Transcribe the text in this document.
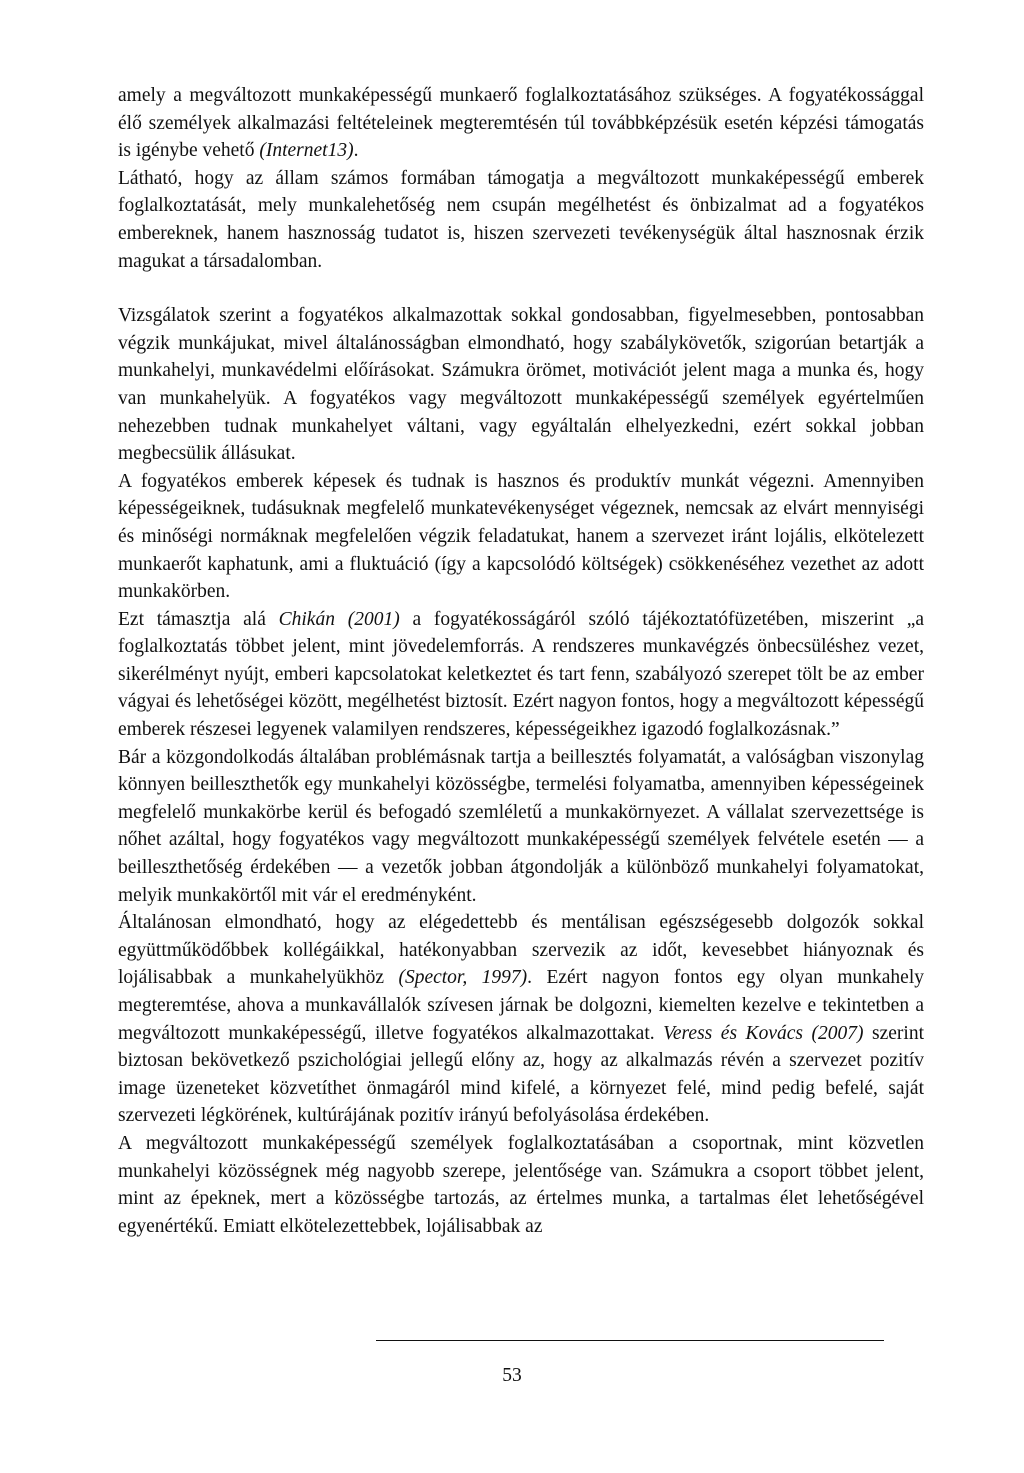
amely a megváltozott munkaképességű munkaerő foglalkoztatásához szükséges. A fogyatékossággal élő személyek alkalmazási feltételeinek megteremtésén túl továbbképzésük esetén képzési támogatás is igénybe vehető (Internet13).

Látható, hogy az állam számos formában támogatja a megváltozott munkaképességű emberek foglalkoztatását, mely munkalehetőség nem csupán megélhetést és önbizalmat ad a fogyatékos embereknek, hanem hasznosság tudatot is, hiszen szervezeti tevékenységük által hasznosnak érzik magukat a társadalomban.

Vizsgálatok szerint a fogyatékos alkalmazottak sokkal gondosabban, figyelmesebben, pontosabban végzik munkájukat, mivel általánosságban elmondható, hogy szabálykövetők, szigorúan betartják a munkahelyi, munkavédelmi előírásokat. Számukra örömet, motivációt jelent maga a munka és, hogy van munkahelyük. A fogyatékos vagy megváltozott munkaképességű személyek egyértelműen nehezebben tudnak munkahelyet váltani, vagy egyáltalán elhelyezkedni, ezért sokkal jobban megbecsülik állásukat.

A fogyatékos emberek képesek és tudnak is hasznos és produktív munkát végezni. Amennyiben képességeiknek, tudásuknak megfelelő munkatevékenységet végeznek, nemcsak az elvárt mennyiségi és minőségi normáknak megfelelően végzik feladatukat, hanem a szervezet iránt lojális, elkötelezett munkaerőt kaphatunk, ami a fluktuáció (így a kapcsolódó költségek) csökkenéséhez vezethet az adott munkakörben.

Ezt támasztja alá Chikán (2001) a fogyatékosságáról szóló tájékoztatófüzetében, miszerint „a foglalkoztatás többet jelent, mint jövedelemforrás. A rendszeres munkavégzés önbecsüléshez vezet, sikerélményt nyújt, emberi kapcsolatokat keletkeztet és tart fenn, szabályozó szerepet tölt be az ember vágyai és lehetőségei között, megélhetést biztosít. Ezért nagyon fontos, hogy a megváltozott képességű emberek részesei legyenek valamilyen rendszeres, képességeikhez igazodó foglalkozásnak.”

Bár a közgondolkodás általában problémásnak tartja a beillesztés folyamatát, a valóságban viszonylag könnyen beilleszthetők egy munkahelyi közösségbe, termelési folyamatba, amennyiben képességeinek megfelelő munkakörbe kerül és befogadó szemléletű a munkakörnyezet. A vállalat szervezettsége is nőhet azáltal, hogy fogyatékos vagy megváltozott munkaképességű személyek felvétele esetén — a beilleszthetőség érdekében — a vezetők jobban átgondolják a különböző munkahelyi folyamatokat, melyik munkakörtől mit vár el eredményként.

Általánosan elmondható, hogy az elégedettebb és mentálisan egészségesebb dolgozók sokkal együttműködőbbek kollégáikkal, hatékonyabban szervezik az időt, kevesebbet hiányoznak és lojálisabbak a munkahelyükhöz (Spector, 1997). Ezért nagyon fontos egy olyan munkahely megteremtése, ahova a munkavállalók szívesen járnak be dolgozni, kiemelten kezelve e tekintetben a megváltozott munkaképességű, illetve fogyatékos alkalmazottakat. Veress és Kovács (2007) szerint biztosan bekövetkező pszichológiai jellegű előny az, hogy az alkalmazás révén a szervezet pozitív image üzeneteket közvetíthet önmagáról mind kifelé, a környezet felé, mind pedig befelé, saját szervezeti légkörének, kultúrájának pozitív irányú befolyásolása érdekében.

A megváltozott munkaképességű személyek foglalkoztatásában a csoportnak, mint közvetlen munkahelyi közösségnek még nagyobb szerepe, jelentősége van. Számukra a csoport többet jelent, mint az épeknek, mert a közösségbe tartozás, az értelmes munka, a tartalmas élet lehetőségével egyenértékű. Emiatt elkötelezettebbek, lojálisabbak az

53
